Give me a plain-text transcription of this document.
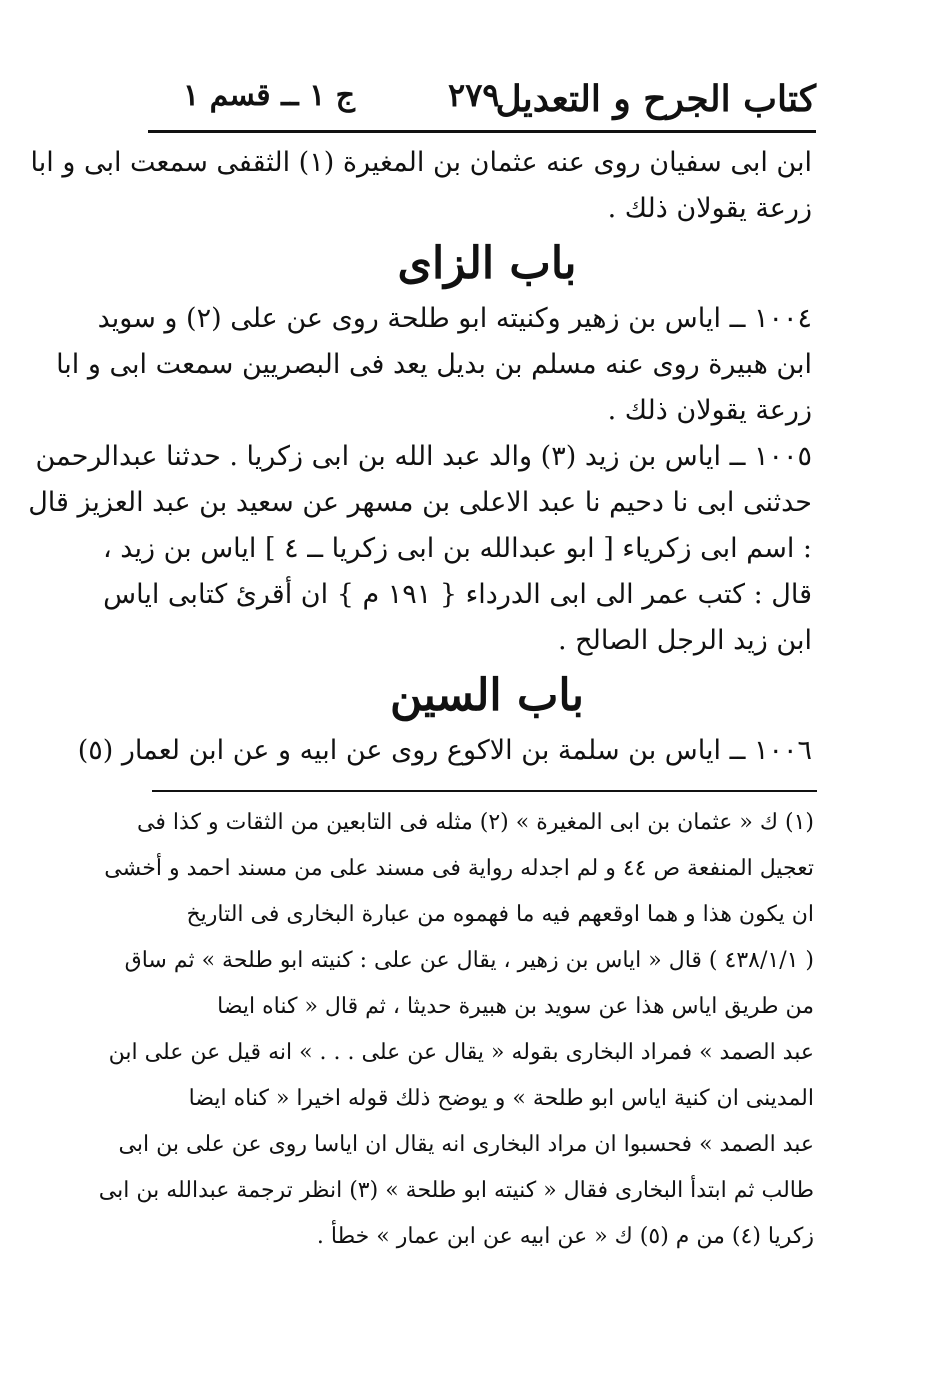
كتاب الجرح و التعديل
٢٧٩
ج ١ ــ قسم ١
ابن ابى سفيان روى عنه عثمان بن المغيرة (١) الثقفى سمعت ابى و ابا
زرعة يقولان ذلك .
باب الزاى
١٠٠٤ ــ اياس بن زهير وكنيته ابو طلحة روى عن على (٢) و سويد
ابن هبيرة روى عنه مسلم بن بديل يعد فى البصريين سمعت ابى و ابا
زرعة يقولان ذلك .
١٠٠٥ ــ اياس بن زيد (٣) والد عبد الله بن ابى زكريا . حدثنا عبدالرحمن
حدثنى ابى نا دحيم نا عبد الاعلى بن مسهر عن سعيد بن عبد العزيز قال
: اسم ابى زكرياء [ ابو عبدالله بن ابى زكريا ــ ٤ ] اياس بن زيد ،
قال : كتب عمر الى ابى الدرداء { ١٩١ م } ان أقرئ كتابى اياس
ابن زيد الرجل الصالح .
باب السين
١٠٠٦ ــ اياس بن سلمة بن الاكوع روى عن ابيه و عن ابن لعمار (٥)
(١) ك « عثمان بن ابى المغيرة » (٢) مثله فى التابعين من الثقات و كذا فى
تعجيل المنفعة ص ٤٤ و لم اجدله رواية فى مسند على من مسند احمد و أخشى
ان يكون هذا و هما اوقعهم فيه ما فهموه من عبارة البخارى فى التاريخ
( ٤٣٨/١/١ ) قال « اياس بن زهير ، يقال عن على : كنيته ابو طلحة » ثم ساق
من طريق اياس هذا عن سويد بن هبيرة حديثا ، ثم قال « كناه ايضا
عبد الصمد » فمراد البخارى بقوله « يقال عن على . . . » انه قيل عن على ابن
المدينى ان كنية اياس ابو طلحة » و يوضح ذلك قوله اخيرا « كناه ايضا
عبد الصمد » فحسبوا ان مراد البخارى انه يقال ان اياسا روى عن على بن ابى
طالب ثم ابتدأ البخارى فقال « كنيته ابو طلحة » (٣) انظر ترجمة عبدالله بن ابى
زكريا (٤) من م (٥) ك « عن ابيه عن ابن عمار » خطأ .
